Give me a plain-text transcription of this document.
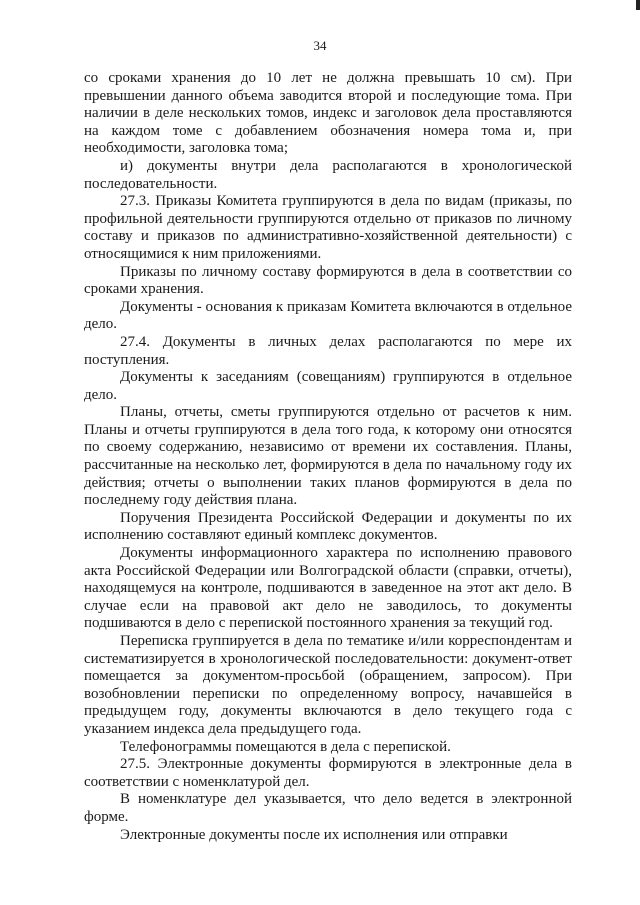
34

со сроками хранения до 10 лет не должна превышать 10 см). При превышении данного объема заводится второй и последующие тома. При наличии в деле нескольких томов, индекс и заголовок дела проставляются на каждом томе с добавлением обозначения номера тома и, при необходимости, заголовка тома;

и) документы внутри дела располагаются в хронологической последовательности.

27.3. Приказы Комитета группируются в дела по видам (приказы, по профильной деятельности группируются отдельно от приказов по личному составу и приказов по административно-хозяйственной деятельности) с относящимися к ним приложениями.

Приказы по личному составу формируются в дела в соответствии со сроками хранения.

Документы - основания к приказам Комитета включаются в отдельное дело.

27.4. Документы в личных делах располагаются по мере их поступления.

Документы к заседаниям (совещаниям) группируются в отдельное дело.

Планы, отчеты, сметы группируются отдельно от расчетов к ним. Планы и отчеты группируются в дела того года, к которому они относятся по своему содержанию, независимо от времени их составления. Планы, рассчитанные на несколько лет, формируются в дела по начальному году их действия; отчеты о выполнении таких планов формируются в дела по последнему году действия плана.

Поручения Президента Российской Федерации и документы по их исполнению составляют единый комплекс документов.

Документы информационного характера по исполнению правового акта Российской Федерации или Волгоградской области (справки, отчеты), находящемуся на контроле, подшиваются в заведенное на этот акт дело. В случае если на правовой акт дело не заводилось, то документы подшиваются в дело с перепиской постоянного хранения за текущий год.

Переписка группируется в дела по тематике и/или корреспондентам и систематизируется в хронологической последовательности: документ-ответ помещается за документом-просьбой (обращением, запросом). При возобновлении переписки по определенному вопросу, начавшейся в предыдущем году, документы включаются в дело текущего года с указанием индекса дела предыдущего года.

Телефонограммы помещаются в дела с перепиской.

27.5. Электронные документы формируются в электронные дела в соответствии с номенклатурой дел.

В номенклатуре дел указывается, что дело ведется в электронной форме.

Электронные документы после их исполнения или отправки
